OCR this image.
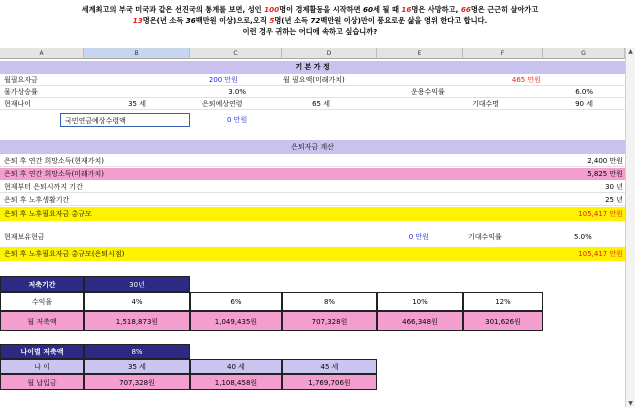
세계최고의 부국 미국과 같은 선진국의 통계를 보면, 성인 100명이 경제활동을 시작하면 60세 될 때 16명은 사망하고, 66명은 근근히 살아가고
13명은(년 소득 36백만원 이상)으로,오직 5명(년 소득 72백만원 이상)만이 풍요로운 삶을 영위 한다고 합니다.
이런 경우 귀하는 어디에 속하고 싶습니까?
A	B	C	D	E	F	G
기 본 가 정
월필요자금	200 만원	월 필요액(미래가치)	465 만원
물가상승률	3.0%	운용수익률	6.0%
현재나이	35 세	은퇴예상연령	65 세	기대수명	90 세
국민연금예상수령액	0 만원
은퇴자금 계산
은퇴 후 연간 희망소득(현재가치)	2,400 만원
은퇴 후 연간 희망소득(미래가치)	5,825 만원
현재부터 은퇴시까지 기간	30 년
은퇴 후 노후생활기간	25 년
은퇴 후 노후필요자금 총규모	105,417 만원
현재보유현금	0 만원	기대수익률	5.0%
은퇴 후 노후필요자금 총규모(은퇴시점)	105,417 만원
저축기간	30년
수익율	4%	6%	8%	10%	12%
월 저축액	1,518,873원	1,049,435원	707,328원	466,348원	301,626원
나이별 저축액	8%
나 이	35 세	40 세	45 세
월 납입금	707,328원	1,108,458원	1,769,706원
▲
▼
